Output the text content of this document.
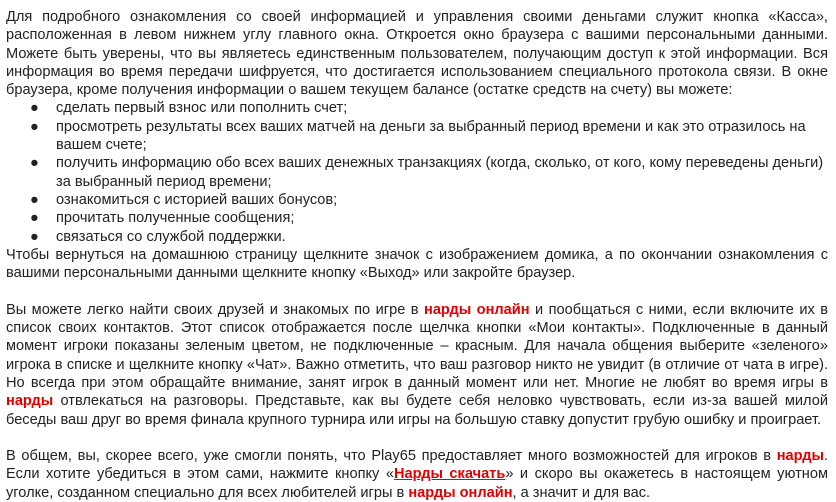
Для подробного ознакомления со своей информацией и управления своими деньгами служит кнопка «Касса», расположенная в левом нижнем углу главного окна. Откроется окно браузера с вашими персональными данными. Можете быть уверены, что вы являетесь единственным пользователем, получающим доступ к этой информации. Вся информация во время передачи шифруется, что достигается использованием специального протокола связи. В окне браузера, кроме получения информации о вашем текущем балансе (остатке средств на счету) вы можете:

● сделать первый взнос или пополнить счет;
● просмотреть результаты всех ваших матчей на деньги за выбранный период времени и как это отразилось на вашем счете;
● получить информацию обо всех ваших денежных транзакциях (когда, сколько, от кого, кому переведены деньги) за выбранный период времени;
● ознакомиться с историей ваших бонусов;
● прочитать полученные сообщения;
● связаться со службой поддержки.

Чтобы вернуться на домашнюю страницу щелкните значок с изображением домика, а по окончании ознакомления с вашими персональными данными щелкните кнопку «Выход» или закройте браузер.

Вы можете легко найти своих друзей и знакомых по игре в нарды онлайн и пообщаться с ними, если включите их в список своих контактов. Этот список отображается после щелчка кнопки «Мои контакты». Подключенные в данный момент игроки показаны зеленым цветом, не подключенные – красным. Для начала общения выберите «зеленого» игрока в списке и щелкните кнопку «Чат». Важно отметить, что ваш разговор никто не увидит (в отличие от чата в игре). Но всегда при этом обращайте внимание, занят игрок в данный момент или нет. Многие не любят во время игры в нарды отвлекаться на разговоры. Представьте, как вы будете себя неловко чувствовать, если из-за вашей милой беседы ваш друг во время финала крупного турнира или игры на большую ставку допустит грубую ошибку и проиграет.

В общем, вы, скорее всего, уже смогли понять, что Play65 предоставляет много возможностей для игроков в нарды. Если хотите убедиться в этом сами, нажмите кнопку «Нарды скачать» и скоро вы окажетесь в настоящем уютном уголке, созданном специально для всех любителей игры в нарды онлайн, а значит и для вас.
